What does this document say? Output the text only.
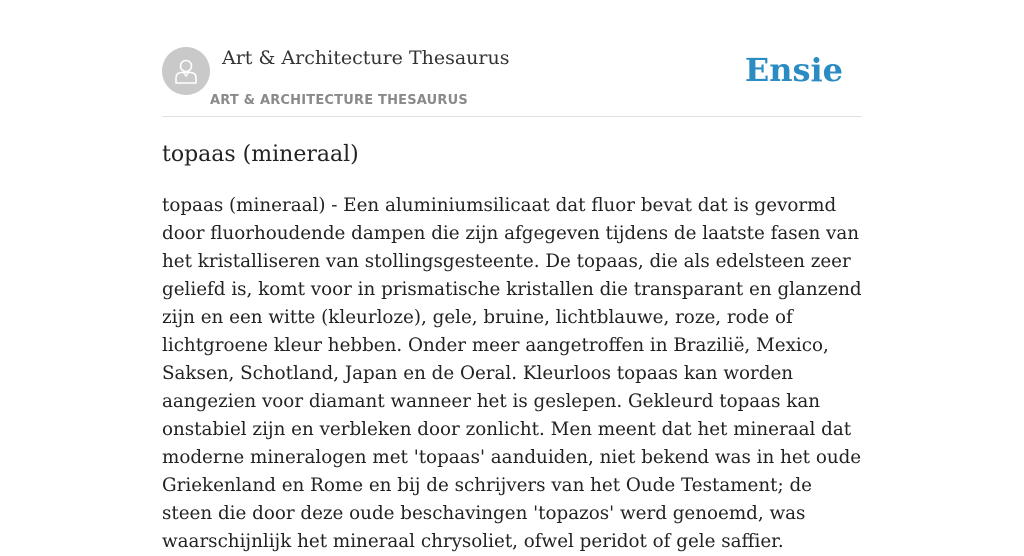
Art & Architecture Thesaurus
ART & ARCHITECTURE THESAURUS
Ensie
topaas (mineraal)

topaas (mineraal) - Een aluminiumsilicaat dat fluor bevat dat is gevormd door fluorhoudende dampen die zijn afgegeven tijdens de laatste fasen van het kristalliseren van stollingsgesteente. De topaas, die als edelsteen zeer geliefd is, komt voor in prismatische kristallen die transparant en glanzend zijn en een witte (kleurloze), gele, bruine, lichtblauwe, roze, rode of lichtgroene kleur hebben. Onder meer aangetroffen in Brazilië, Mexico, Saksen, Schotland, Japan en de Oeral. Kleurloos topaas kan worden aangezien voor diamant wanneer het is geslepen. Gekleurd topaas kan onstabiel zijn en verbleken door zonlicht. Men meent dat het mineraal dat moderne mineralogen met 'topaas' aanduiden, niet bekend was in het oude Griekenland en Rome en bij de schrijvers van het Oude Testament; de steen die door deze oude beschavingen 'topazos' werd genoemd, was waarschijnlijk het mineraal chrysoliet, ofwel peridot of gele saffier.
